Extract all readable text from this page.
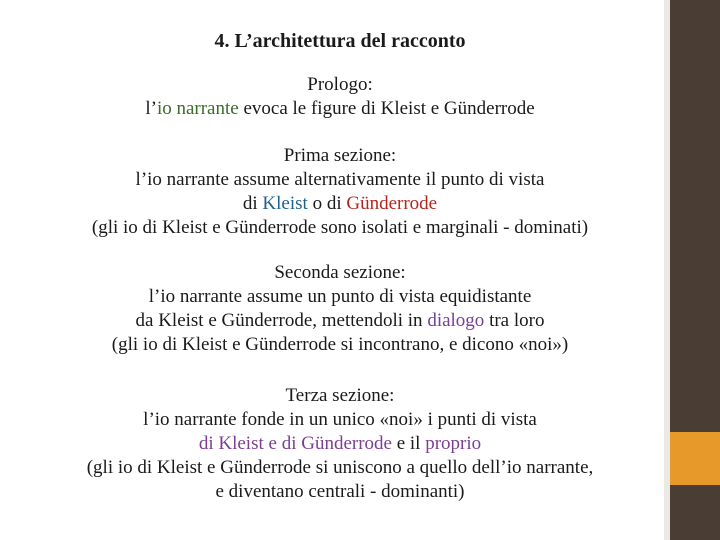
4. L’architettura del racconto
Prologo:
l’io narrante evoca le figure di Kleist e Günderrode
Prima sezione:
l’io narrante assume alternativamente il punto di vista
di Kleist o di Günderrode
(gli io di Kleist e Günderrode sono isolati e marginali - dominati)
Seconda sezione:
l’io narrante assume un punto di vista equidistante
da Kleist e Günderrode, mettendoli in dialogo tra loro
(gli io di Kleist e Günderrode si incontrano, e dicono «noi»)
Terza sezione:
l’io narrante fonde in un unico «noi» i punti di vista
di Kleist e di Günderrode e il proprio
(gli io di Kleist e Günderrode si uniscono a quello dell’io narrante,
e diventano centrali - dominanti)
